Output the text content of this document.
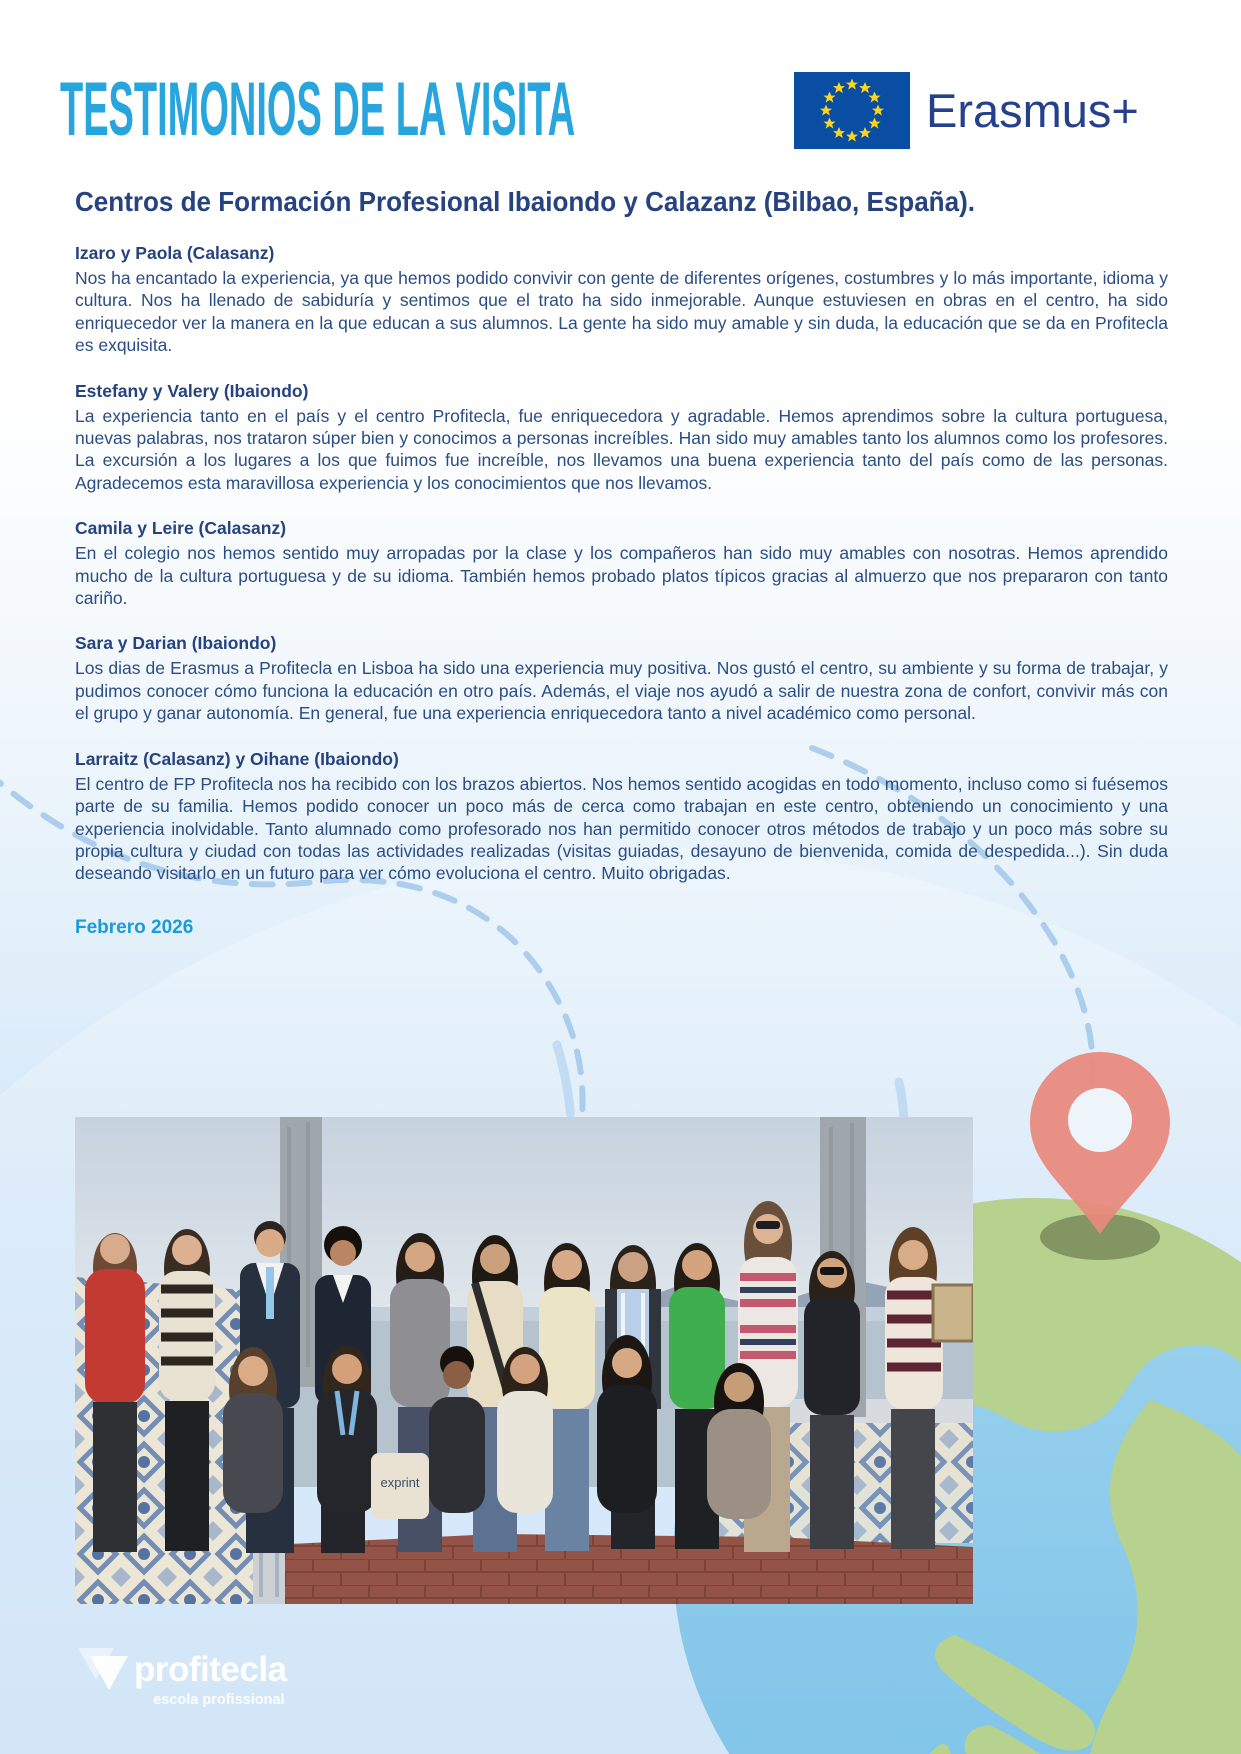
TESTIMONIOS DE LA VISITA	Erasmus+
Centros de Formación Profesional Ibaiondo y Calazanz (Bilbao, España).
Izaro y Paola (Calasanz)

Nos ha encantado la experiencia, ya que hemos podido convivir con gente de diferentes orígenes, costumbres y lo más importante, idioma y cultura. Nos ha llenado de sabiduría y sentimos que el trato ha sido inmejorable. Aunque estuviesen en obras en el centro, ha sido enriquecedor ver la manera en la que educan a sus alumnos. La gente ha sido muy amable y sin duda, la educación que se da en Profitecla es exquisita.

Estefany y Valery (Ibaiondo)

La experiencia tanto en el país y el centro Profitecla, fue enriquecedora y agradable. Hemos aprendimos sobre la cultura portuguesa, nuevas palabras, nos trataron súper bien y conocimos a personas increíbles. Han sido muy amables tanto los alumnos como los profesores. La excursión a los lugares a los que fuimos fue increíble, nos llevamos una buena experiencia tanto del país como de las personas. Agradecemos esta maravillosa experiencia y los conocimientos que nos llevamos.

Camila y Leire (Calasanz)

En el colegio nos hemos sentido muy arropadas por la clase y los compañeros han sido muy amables con nosotras. Hemos aprendido mucho de la cultura portuguesa y de su idioma. También hemos probado platos típicos gracias al almuerzo que nos prepararon con tanto cariño.

Sara y Darian (Ibaiondo)

Los dias de Erasmus a Profitecla en Lisboa ha sido una experiencia muy positiva. Nos gustó el centro, su ambiente y su forma de trabajar, y pudimos conocer cómo funciona la educación en otro país. Además, el viaje nos ayudó a salir de nuestra zona de confort, convivir más con el grupo y ganar autonomía. En general, fue una experiencia enriquecedora tanto a nivel académico como personal.

Larraitz (Calasanz) y Oihane (Ibaiondo)

El centro de FP Profitecla nos ha recibido con los brazos abiertos. Nos hemos sentido acogidas en todo momento, incluso como si fuésemos parte de su familia. Hemos podido conocer un poco más de cerca como trabajan en este centro, obteniendo un conocimiento y una experiencia inolvidable. Tanto alumnado como profesorado nos han permitido conocer otros métodos de trabajo y un poco más sobre su propia cultura y ciudad con todas las actividades realizadas (visitas guiadas, desayuno de bienvenida, comida de despedida...). Sin duda deseando visitarlo en un futuro para ver cómo evoluciona el centro. Muito obrigadas.

Febrero 2026
exprint
profitecla
escola profissional
